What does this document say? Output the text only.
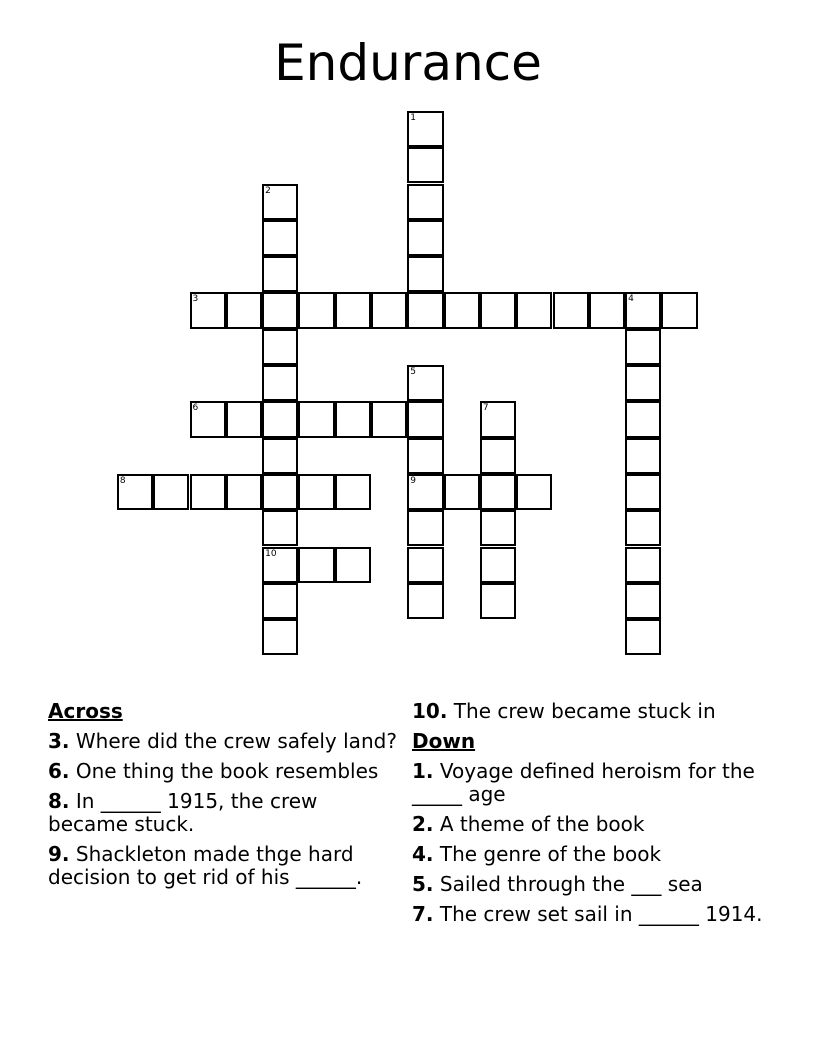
Endurance
1
2
3	4
5
6	7
10
9
8
Across
3. Where did the crew safely land?
6. One thing the book resembles
8. In ______ 1915, the crew became stuck.
9. Shackleton made thge hard decision to get rid of his ______.
10. The crew became stuck in
Down
1. Voyage defined heroism for the _____ age
2. A theme of the book
4. The genre of the book
5. Sailed through the ___ sea
7. The crew set sail in ______ 1914.
